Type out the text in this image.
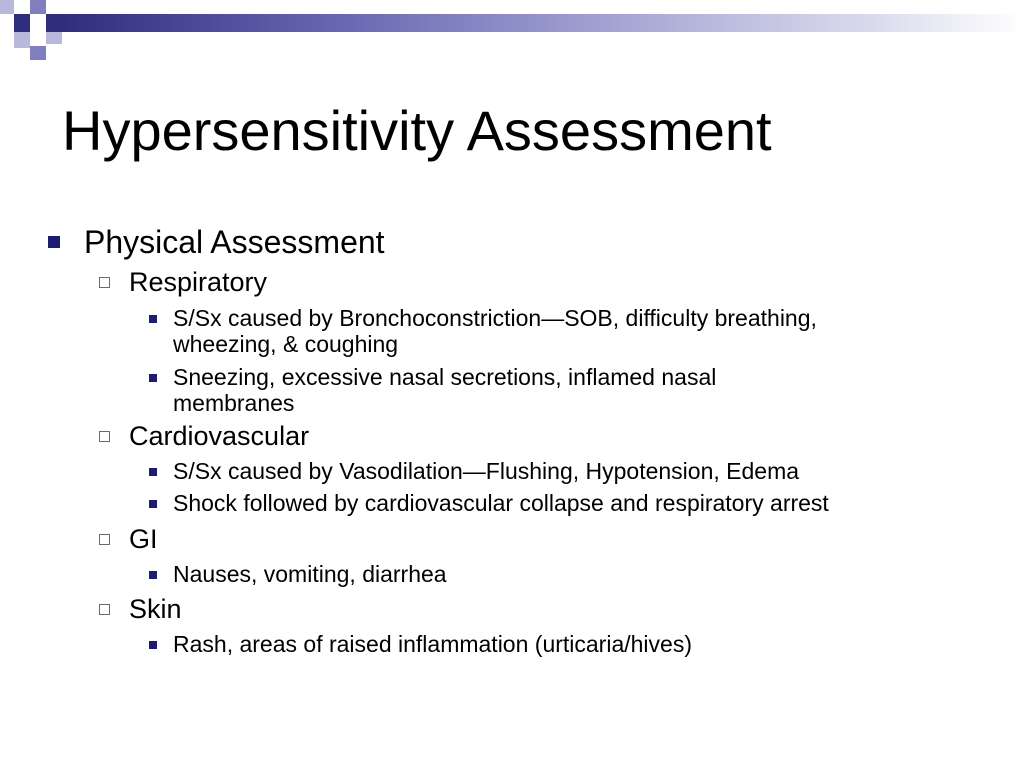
Hypersensitivity Assessment
Physical Assessment
Respiratory
S/Sx caused by Bronchoconstriction—SOB, difficulty breathing,
wheezing, & coughing
Sneezing, excessive nasal secretions, inflamed nasal
membranes
Cardiovascular
S/Sx caused by Vasodilation—Flushing, Hypotension, Edema
Shock followed by cardiovascular collapse and respiratory arrest
GI
Nauses, vomiting, diarrhea
Skin
Rash, areas of raised inflammation (urticaria/hives)
